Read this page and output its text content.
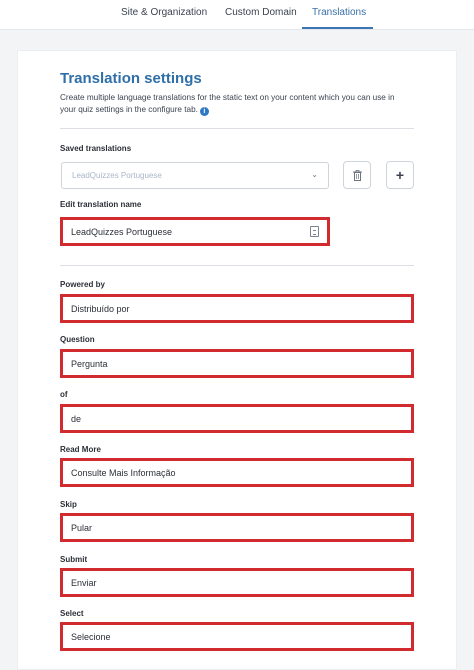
Site & Organization Custom Domain Translations
Translation settings
Create multiple language translations for the static text on your content which you can use in your quiz settings in the configure tab. i
Saved translations
LeadQuizzes Portuguese	⌄	+
Edit translation name
LeadQuizzes Portuguese
Powered by
Distribuído por
Question
Pergunta
of
de
Read More
Consulte Mais Informação
Skip
Pular
Submit
Enviar
Select
Selecione
